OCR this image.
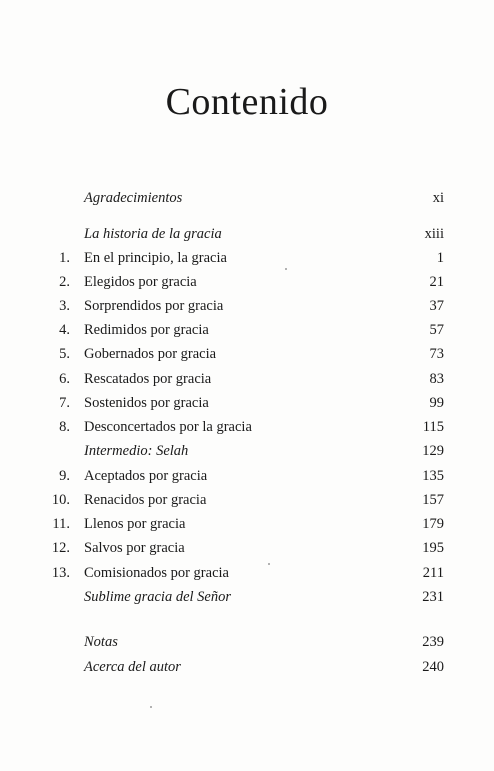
Contenido
Agradecimientos	xi
La historia de la gracia	xiii
1. En el principio, la gracia	1
2. Elegidos por gracia	21
3. Sorprendidos por gracia	37
4. Redimidos por gracia	57
5. Gobernados por gracia	73
6. Rescatados por gracia	83
7. Sostenidos por gracia	99
8. Desconcertados por la gracia	115
Intermedio: Selah	129
9. Aceptados por gracia	135
10. Renacidos por gracia	157
11. Llenos por gracia	179
12. Salvos por gracia	195
13. Comisionados por gracia	211
Sublime gracia del Señor	231
Notas	239
Acerca del autor	240
